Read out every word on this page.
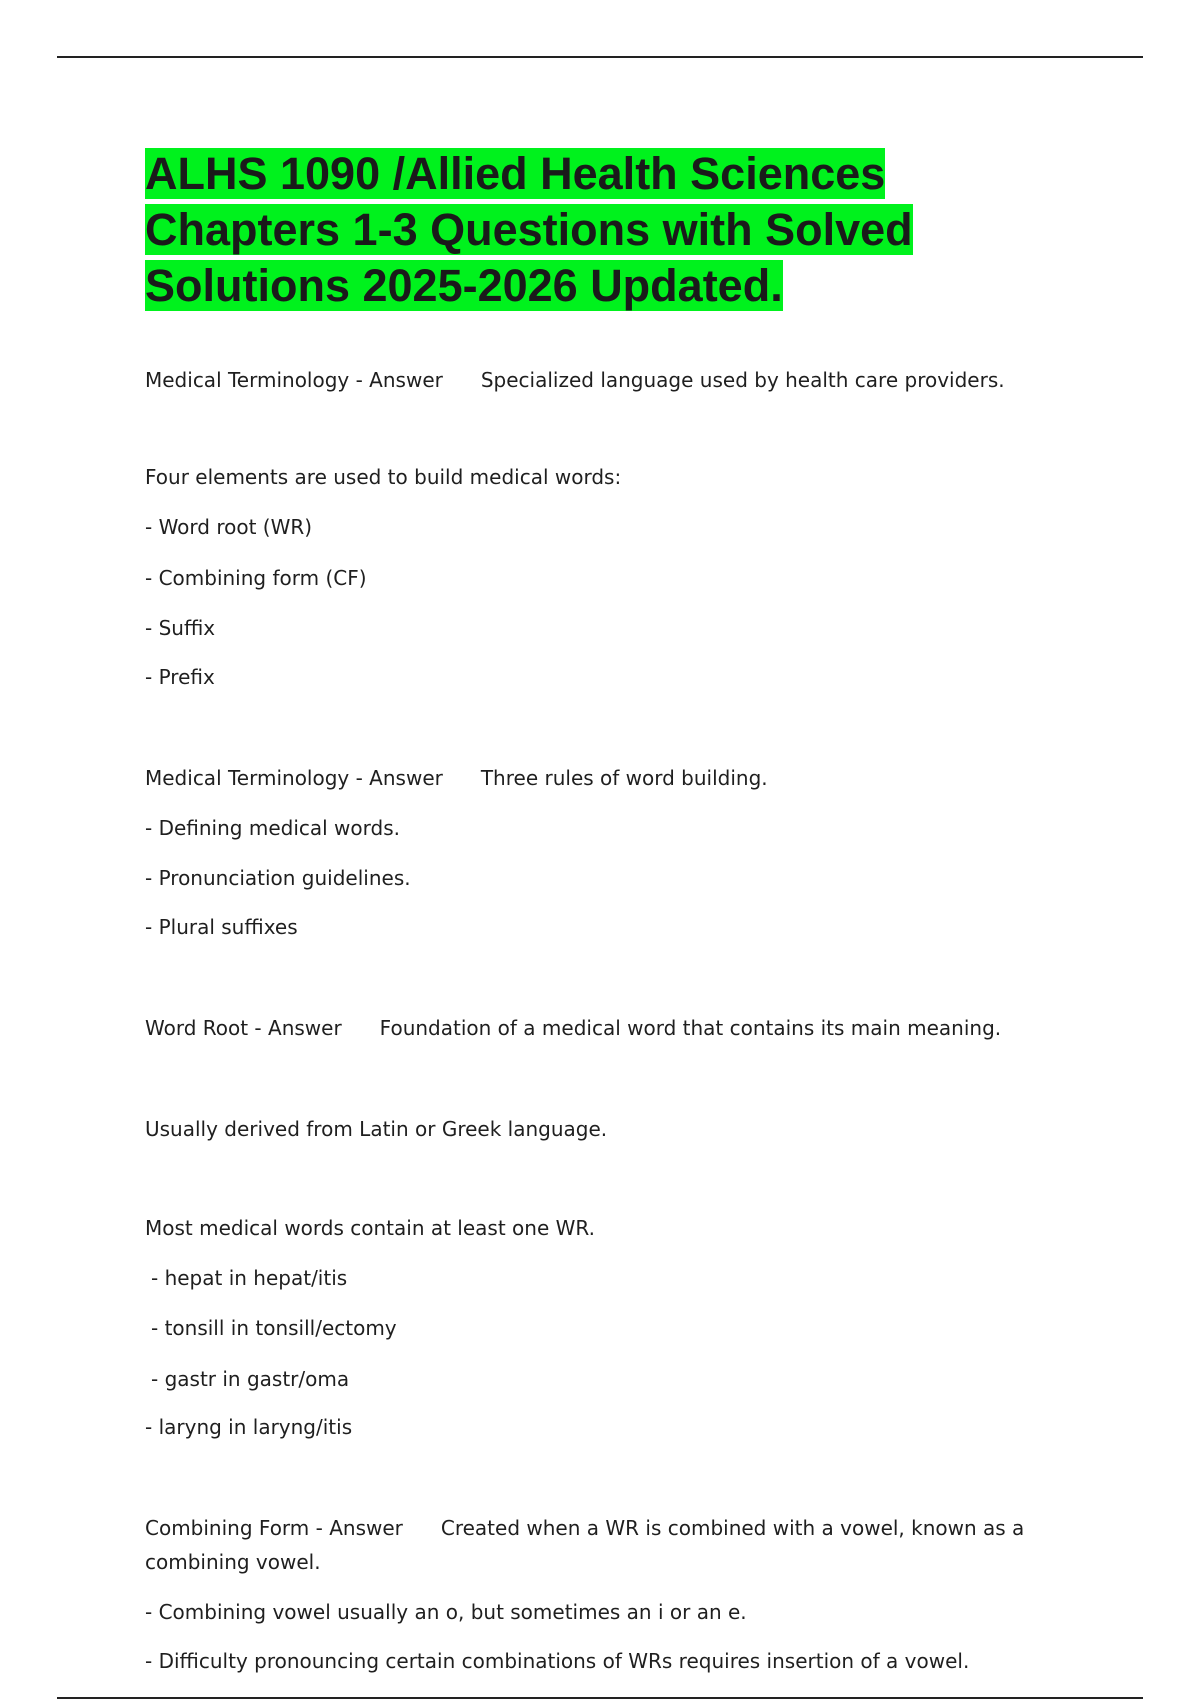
ALHS 1090 /Allied Health Sciences Chapters 1-3 Questions with Solved Solutions 2025-2026 Updated.

Medical Terminology - Answer Specialized language used by health care providers.

Four elements are used to build medical words:

- Word root (WR)

- Combining form (CF)

- Suffix

- Prefix

Medical Terminology - Answer Three rules of word building.

- Defining medical words.

- Pronunciation guidelines.

- Plural suffixes

Word Root - Answer Foundation of a medical word that contains its main meaning.

Usually derived from Latin or Greek language.

Most medical words contain at least one WR.

- hepat in hepat/itis

- tonsill in tonsill/ectomy

- gastr in gastr/oma

- laryng in laryng/itis

Combining Form - Answer Created when a WR is combined with a vowel, known as a

combining vowel.

- Combining vowel usually an o, but sometimes an i or an e.

- Difficulty pronouncing certain combinations of WRs requires insertion of a vowel.
